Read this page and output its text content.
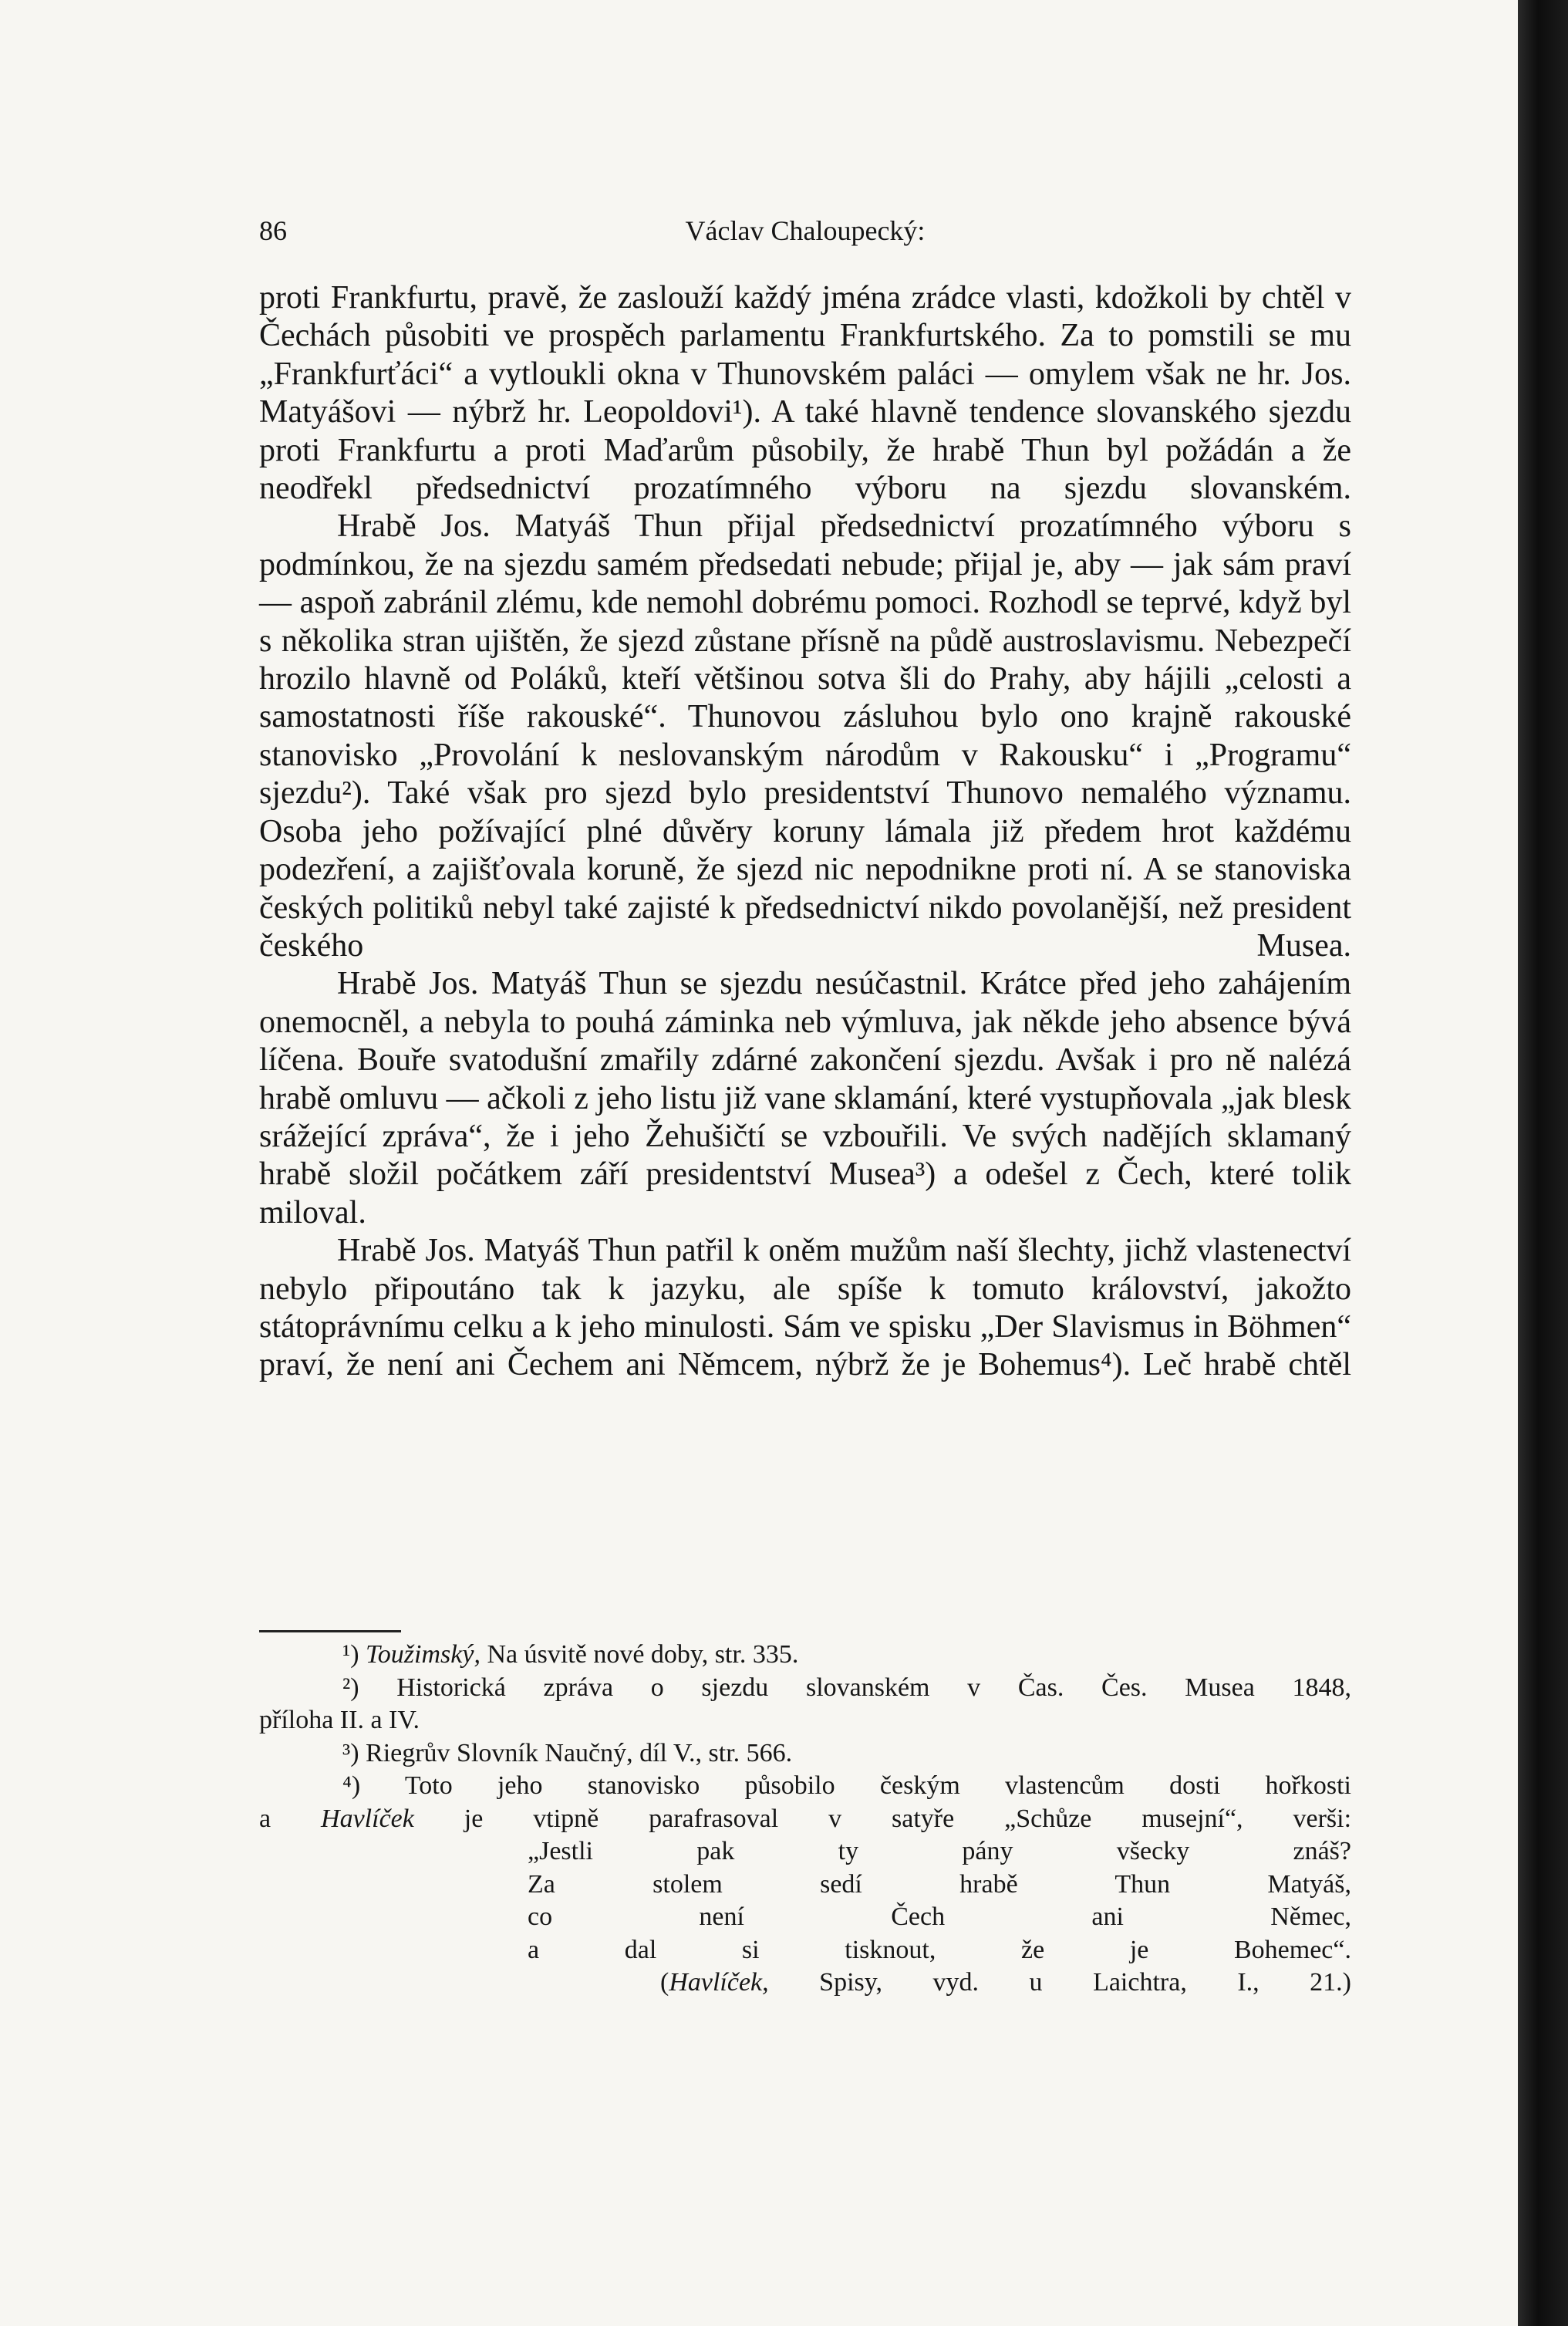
86	Václav Chaloupecký:

proti Frankfurtu, pravě, že zaslouží každý jména zrádce vlasti, kdožkoli by chtěl v Čechách působiti ve prospěch parlamentu Frankfurtského. Za to pomstili se mu „Frankfurťáci“ a vytloukli okna v Thunovském paláci — omylem však ne hr. Jos. Matyášovi — nýbrž hr. Leopoldovi¹). A také hlavně tendence slovanského sjezdu proti Frankfurtu a proti Maďarům působily, že hrabě Thun byl požádán a že neodřekl předsednictví prozatímného výboru na sjezdu slovanském.

Hrabě Jos. Matyáš Thun přijal předsednictví prozatímného výboru s podmínkou, že na sjezdu samém předsedati nebude; přijal je, aby — jak sám praví — aspoň zabránil zlému, kde nemohl dobrému pomoci. Rozhodl se teprvé, když byl s několika stran ujištěn, že sjezd zůstane přísně na půdě austroslavismu. Nebezpečí hrozilo hlavně od Poláků, kteří většinou sotva šli do Prahy, aby hájili „celosti a samostatnosti říše rakouské“. Thunovou zásluhou bylo ono krajně rakouské stanovisko „Provolání k neslovanským národům v Rakousku“ i „Programu“ sjezdu²). Také však pro sjezd bylo presidentství Thunovo nemalého významu. Osoba jeho požívající plné důvěry koruny lámala již předem hrot každému podezření, a zajišťovala koruně, že sjezd nic nepodnikne proti ní. A se stanoviska českých politiků nebyl také zajisté k předsednictví nikdo povolanější, než president českého Musea.

Hrabě Jos. Matyáš Thun se sjezdu nesúčastnil. Krátce před jeho zahájením onemocněl, a nebyla to pouhá záminka neb výmluva, jak někde jeho absence bývá líčena. Bouře svatodušní zmařily zdárné zakončení sjezdu. Avšak i pro ně nalézá hrabě omluvu — ačkoli z jeho listu již vane sklamání, které vystupňovala „jak blesk srážející zpráva“, že i jeho Žehušičtí se vzbouřili. Ve svých nadějích sklamaný hrabě složil počátkem září presidentství Musea³) a odešel z Čech, které tolik miloval.

Hrabě Jos. Matyáš Thun patřil k oněm mužům naší šlechty, jichž vlastenectví nebylo připoutáno tak k jazyku, ale spíše k tomuto království, jakožto státoprávnímu celku a k jeho minulosti. Sám ve spisku „Der Slavismus in Böhmen“ praví, že není ani Čechem ani Němcem, nýbrž že je Bohemus⁴). Leč hrabě chtěl

¹) Toužimský, Na úsvitě nové doby, str. 335.

²) Historická zpráva o sjezdu slovanském v Čas. Čes. Musea 1848,

příloha II. a IV.

³) Riegrův Slovník Naučný, díl V., str. 566.

⁴) Toto jeho stanovisko působilo českým vlastencům dosti hořkosti

a Havlíček je vtipně parafrasoval v satyře „Schůze musejní“, verši:

„Jestli pak ty pány všecky znáš?

Za stolem sedí hrabě Thun Matyáš,

co není Čech ani Němec,

a dal si tisknout, že je Bohemec“.

(Havlíček, Spisy, vyd. u Laichtra, I., 21.)
